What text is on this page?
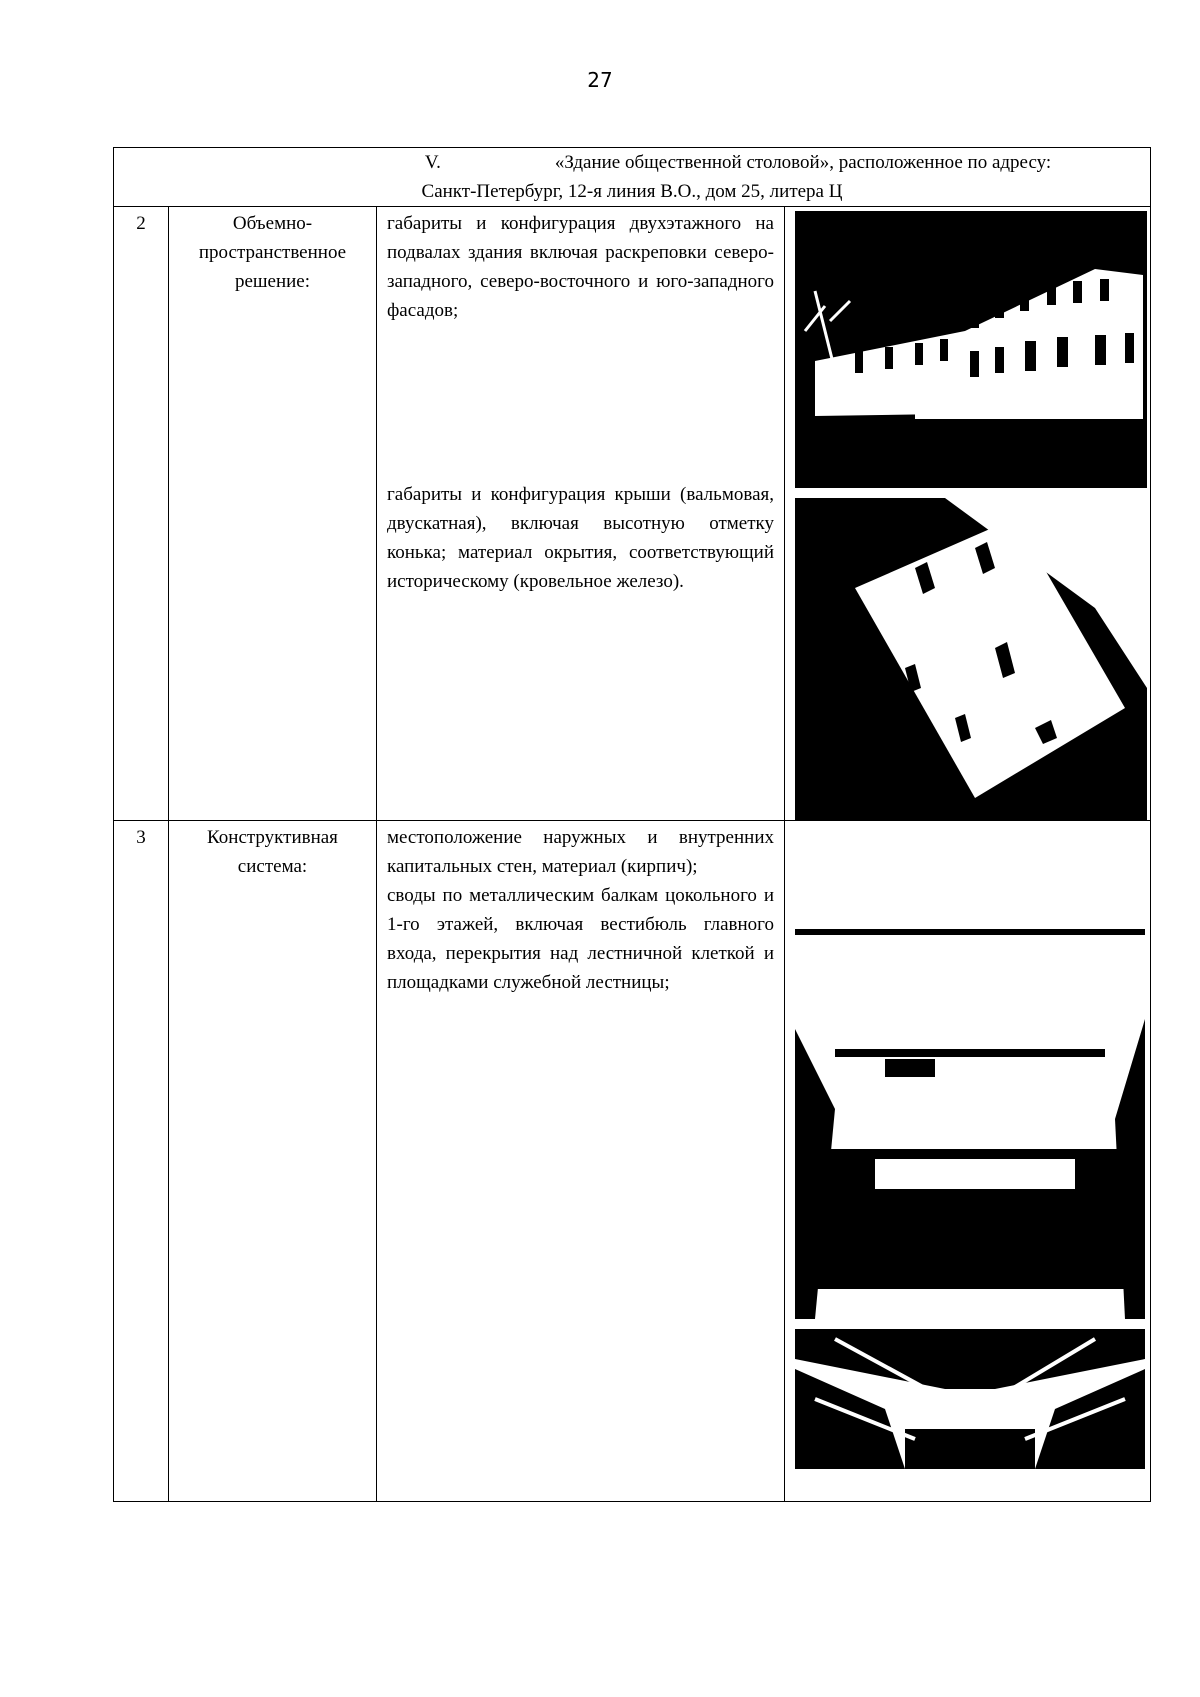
27
V. «Здание общественной столовой», расположенное по адресу:
Санкт-Петербург, 12-я линия В.О., дом 25, литера Ц			

2	Объемно-пространственное решение:	габариты и конфигурация двухэтажного на подвалах здания включая раскреповки северо-западного, северо-восточного и юго-западного фасадов;

габариты и конфигурация крыши (вальмовая, двускатная), включая высотную отметку конька; материал окрытия, соответствующий историческому (кровельное железо).

3	Конструктивная система:	местоположение наружных и внутренних капитальных стен, материал (кирпич);

своды по металлическим балкам цокольного и 1-го этажей, включая вестибюль главного входа, перекрытия над лестничной клеткой и площадками служебной лестницы;
